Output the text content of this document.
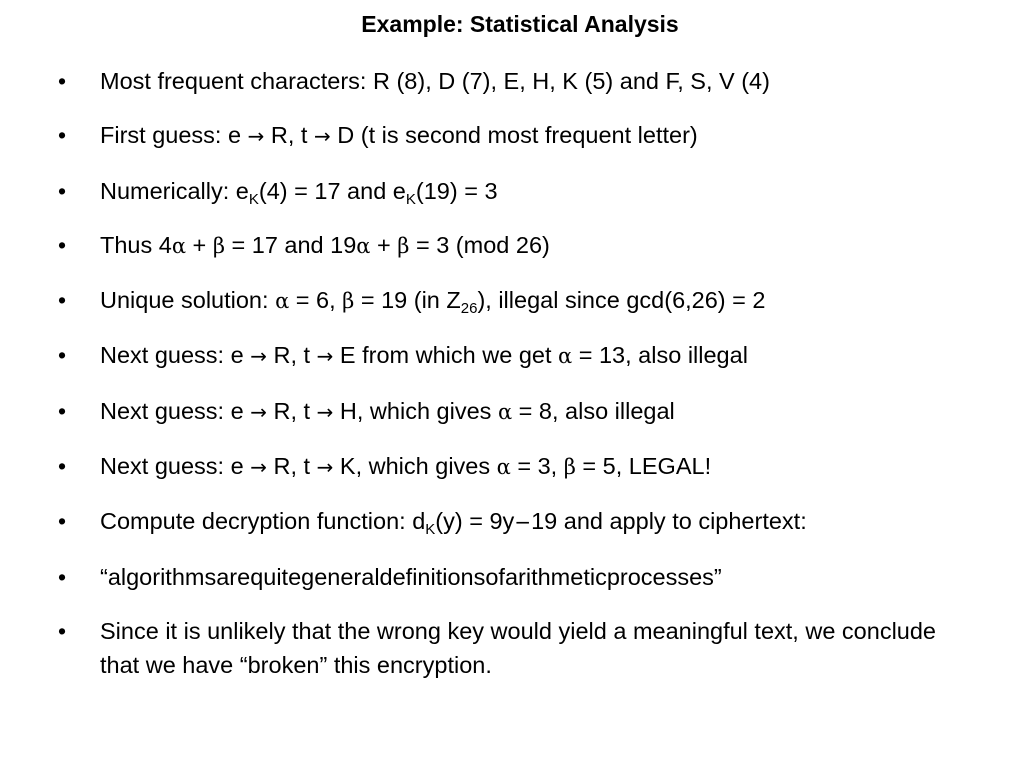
Example: Statistical Analysis
• Most frequent characters: R (8), D (7), E, H, K (5) and F, S, V (4)
• First guess: e → R, t → D (t is second most frequent letter)
• Numerically: $e_K(4) = 17$ and $e_K(19) = 3$
• Thus 4α + β = 17 and 19α + β = 3 (mod 26)
• Unique solution: α = 6, β = 19 (in $Z_{26}$), illegal since gcd(6,26) = 2
• Next guess: e → R, t → E from which we get α = 13, also illegal
• Next guess: e → R, t → H, which gives α = 8, also illegal
• Next guess: e → R, t → K, which gives α = 3, β = 5, LEGAL!
• Compute decryption function: $d_K(y) = 9y-19$ and apply to ciphertext:
• “algorithmsarequitegeneraldefinitionsofarithmeticprocesses”
• Since it is unlikely that the wrong key would yield a meaningful text, we conclude that we have “broken” this encryption.
